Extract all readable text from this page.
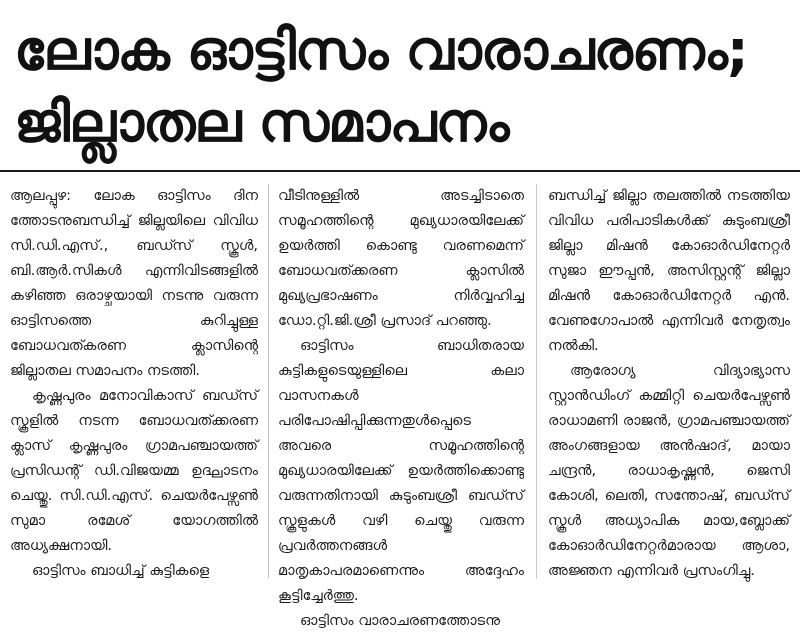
ലോക ഓട്ടിസം വാരാചരണം;
ജില്ലാതല സമാപനം

ആലപ്പുഴ: ലോക ഓട്ടിസം ദിന ത്തോടനുബന്ധിച്ച് ജില്ലയിലെ വിവിധ സി.ഡി.എസ്., ബഡ്സ് സ്കൂൾ, ബി.ആർ.സികൾ എന്നിവിടങ്ങളിൽ കഴിഞ്ഞ ഒരാഴ്ചയായി നടന്നു വരുന്ന ഓട്ടിസത്തെ കുറിച്ചുള്ള ബോധവത്കരണ ക്ലാസിന്റെ ജില്ലാതല സമാപനം നടത്തി.

കൃഷ്ണപുരം മനോവികാസ് ബഡ്സ് സ്കൂളിൽ നടന്ന ബോധവത്ക്കരണ ക്ലാസ് കൃഷ്ണപുരം ഗ്രാമപഞ്ചായത്ത് പ്രസിഡന്റ് ഡി.വിജയമ്മ ഉദ്ഘാടനം ചെയ്തു. സി.ഡി.എസ്. ചെയർപേഴ്സൺ സുമാ രമേശ് യോഗത്തിൽ അധ്യക്ഷനായി.

ഓട്ടിസം ബാധിച്ച് കുട്ടികളെ

വീടിനുള്ളിൽ അടച്ചിടാതെ സമൂഹത്തിന്റെ മുഖ്യധാരയിലേക്ക് ഉയർത്തി കൊണ്ടു വരണമെന്ന് ബോധവത്ക്കരണ ക്ലാസിൽ മുഖ്യപ്രഭാഷണം നിർവ്വഹിച്ച ഡോ.റ്റി.ജി.ശ്രീ പ്രസാദ് പറഞ്ഞു.

ഓട്ടിസം ബാധിതരായ കുട്ടികളുടെയുള്ളിലെ കലാ വാസനകൾ പരിപോഷിപ്പിക്കുന്നതുൾപ്പെടെ അവരെ സമൂഹത്തിന്റെ മുഖ്യധാരയിലേക്ക് ഉയർത്തിക്കൊണ്ടു വരുന്നതിനായി കുടുംബശ്രീ ബഡ്സ് സ്കൂളുകൾ വഴി ചെയ്തു വരുന്ന പ്രവർത്തനങ്ങൾ മാതൃകാപരമാണെന്നും അദ്ദേഹം കൂട്ടിച്ചേർത്തു.

ഓട്ടിസം വാരാചരണത്തോടനു

ബന്ധിച്ച് ജില്ലാ തലത്തിൽ നടത്തിയ വിവിധ പരിപാടികൾക്ക് കുടുംബശ്രീ ജില്ലാ മിഷൻ കോഓർഡിനേറ്റർ സുജാ ഈപ്പൻ, അസിസ്റ്റന്റ് ജില്ലാ മിഷൻ കോഓർഡിനേറ്റർ എൻ. വേണുഗോപാൽ എന്നിവർ നേതൃത്വം നൽകി.

ആരോഗ്യ വിദ്യാഭ്യാസ സ്റ്റാൻഡിംഗ് കമ്മിറ്റി ചെയർപേഴ്സൺ രാധാമണി രാജൻ, ഗ്രാമപഞ്ചായത്ത് അംഗങ്ങളായ അൻഷാദ്, മായാ ചന്ദ്രൻ, രാധാകൃഷ്ണൻ, ജെസി കോശി, ലെതി, സന്തോഷ്, ബഡ്സ് സ്കൂൾ അധ്യാപിക മായ,ബ്ലോക്ക് കോഓർഡിനേറ്റർമാരായ ആശാ, അജ്ഞന എന്നിവർ പ്രസംഗിച്ചു.
